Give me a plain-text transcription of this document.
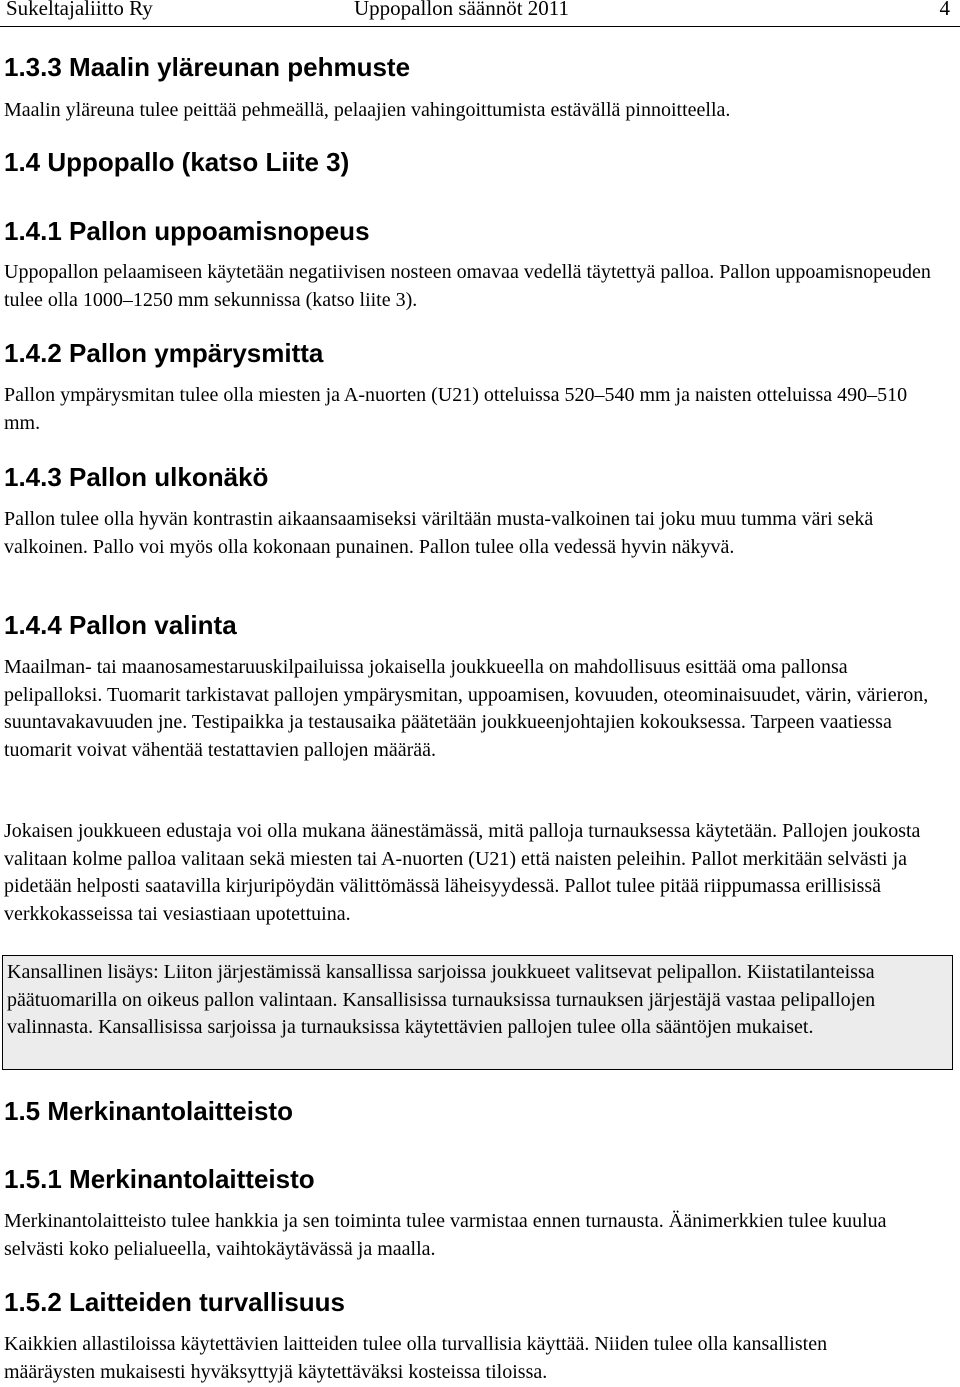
Sukeltajaliitto Ry	Uppopallon säännöt 2011	4
1.3.3 Maalin yläreunan pehmuste

Maalin yläreuna tulee peittää pehmeällä, pelaajien vahingoittumista estävällä pinnoitteella.

1.4 Uppopallo (katso Liite 3)
1.4.1 Pallon uppoamisnopeus

Uppopallon pelaamiseen käytetään negatiivisen nosteen omavaa vedellä täytettyä palloa. Pallon uppoamisnopeuden tulee olla 1000–1250 mm sekunnissa (katso liite 3).

1.4.2 Pallon ympärysmitta

Pallon ympärysmitan tulee olla miesten ja A-nuorten (U21) otteluissa 520–540 mm ja naisten otteluissa 490–510 mm.

1.4.3 Pallon ulkonäkö

Pallon tulee olla hyvän kontrastin aikaansaamiseksi väriltään musta-valkoinen tai joku muu tumma väri sekä valkoinen. Pallo voi myös olla kokonaan punainen. Pallon tulee olla vedessä hyvin näkyvä.

1.4.4 Pallon valinta

Maailman- tai maanosamestaruuskilpailuissa jokaisella joukkueella on mahdollisuus esittää oma pallonsa pelipalloksi. Tuomarit tarkistavat pallojen ympärysmitan, uppoamisen, kovuuden, oteominaisuudet, värin, värieron, suuntavakavuuden jne. Testipaikka ja testausaika päätetään joukkueenjohtajien kokouksessa. Tarpeen vaatiessa tuomarit voivat vähentää testattavien pallojen määrää.

Jokaisen joukkueen edustaja voi olla mukana äänestämässä, mitä palloja turnauksessa käytetään. Pallojen joukosta valitaan kolme palloa valitaan sekä miesten tai A-nuorten (U21) että naisten peleihin. Pallot merkitään selvästi ja pidetään helposti saatavilla kirjuripöydän välittömässä läheisyydessä. Pallot tulee pitää riippumassa erillisissä verkkokasseissa tai vesiastiaan upotettuina.

Kansallinen lisäys: Liiton järjestämissä kansallissa sarjoissa joukkueet valitsevat pelipallon. Kiistatilanteissa päätuomarilla on oikeus pallon valintaan. Kansallisissa turnauksissa turnauksen järjestäjä vastaa pelipallojen valinnasta. Kansallisissa sarjoissa ja turnauksissa käytettävien pallojen tulee olla sääntöjen mukaiset.

1.5 Merkinantolaitteisto
1.5.1 Merkinantolaitteisto

Merkinantolaitteisto tulee hankkia ja sen toiminta tulee varmistaa ennen turnausta. Äänimerkkien tulee kuulua selvästi koko pelialueella, vaihtokäytävässä ja maalla.

1.5.2 Laitteiden turvallisuus

Kaikkien allastiloissa käytettävien laitteiden tulee olla turvallisia käyttää. Niiden tulee olla kansallisten määräysten mukaisesti hyväksyttyjä käytettäväksi kosteissa tiloissa.
